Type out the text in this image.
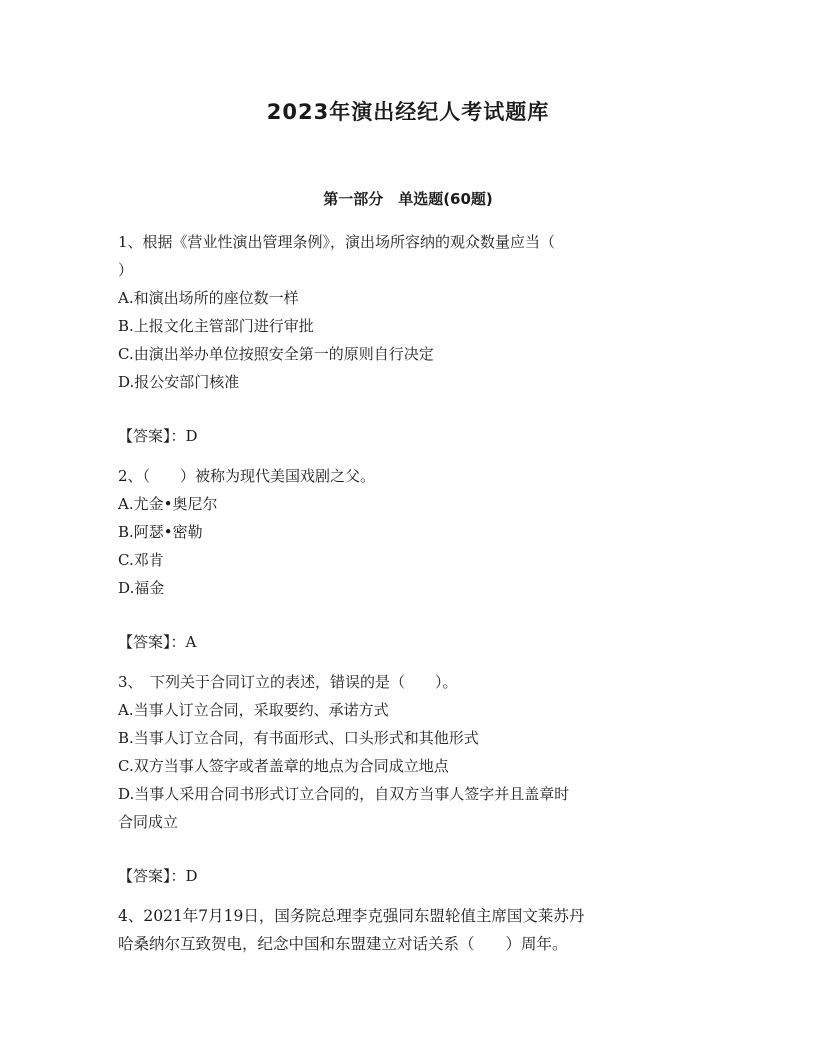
2023年演出经纪人考试题库
第一部分　单选题(60题)
1、根据《营业性演出管理条例》，演出场所容纳的观众数量应当（
）
A.和演出场所的座位数一样
B.上报文化主管部门进行审批
C.由演出举办单位按照安全第一的原则自行决定
D.报公安部门核准
【答案】：D
2、（　　）被称为现代美国戏剧之父。
A.尤金•奥尼尔
B.阿瑟•密勒
C.邓肯
D.福金
【答案】：A
3、　下列关于合同订立的表述，错误的是（　　）。
A.当事人订立合同，采取要约、承诺方式
B.当事人订立合同，有书面形式、口头形式和其他形式
C.双方当事人签字或者盖章的地点为合同成立地点
D.当事人采用合同书形式订立合同的，自双方当事人签字并且盖章时
合同成立
【答案】：D
4、2021年7月19日，国务院总理李克强同东盟轮值主席国文莱苏丹
哈桑纳尔互致贺电，纪念中国和东盟建立对话关系（　　）周年。
